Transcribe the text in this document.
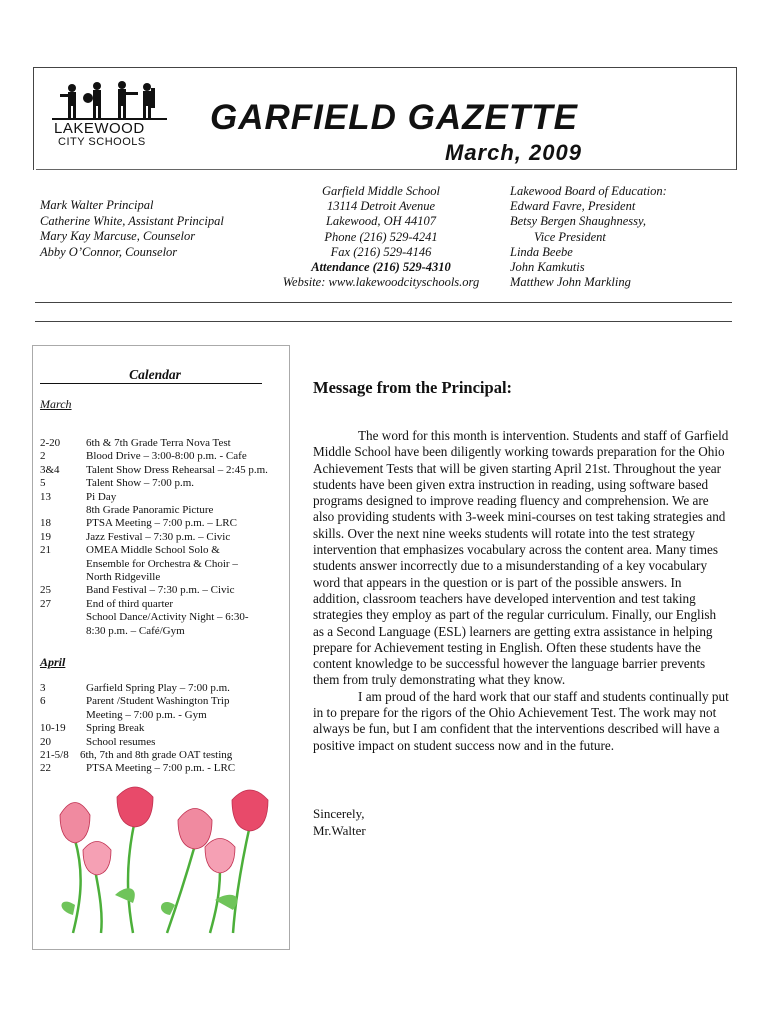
LAKEWOOD
CITY SCHOOLS
GARFIELD GAZETTE
March, 2009
Mark Walter Principal
Catherine White, Assistant Principal
Mary Kay Marcuse, Counselor
Abby O’Connor, Counselor
Garfield Middle School
13114 Detroit Avenue
Lakewood, OH 44107
Phone (216) 529-4241
Fax (216) 529-4146
Attendance (216) 529-4310
Website: www.lakewoodcityschools.org
Lakewood Board of Education:
Edward Favre, President
Betsy Bergen Shaughnessy,
Vice President
Linda Beebe
John Kamkutis
Matthew John Markling
Calendar
March
2-20	6th & 7th Grade Terra Nova Test
2	Blood Drive – 3:00-8:00 p.m. - Cafe
3&4	Talent Show Dress Rehearsal – 2:45 p.m.
5	Talent Show – 7:00 p.m.
13	Pi Day
8th Grade Panoramic Picture
18	PTSA Meeting – 7:00 p.m. – LRC
19	Jazz Festival – 7:30 p.m. – Civic
21	OMEA Middle School Solo & Ensemble for Orchestra & Choir – North Ridgeville
25	Band Festival – 7:30 p.m. – Civic
27	End of third quarter
School Dance/Activity Night – 6:30-8:30 p.m. – Café/Gym
April
3	Garfield Spring Play – 7:00 p.m.
6	Parent /Student Washington Trip Meeting – 7:00 p.m. - Gym
10-19	Spring Break
20	School resumes
21-5/8	6th, 7th and 8th grade OAT testing
22	PTSA Meeting – 7:00 p.m. - LRC
Message from the Principal:

The word for this month is intervention. Students and staff of Garfield Middle School have been diligently working towards preparation for the Ohio Achievement Tests that will be given starting April 21st. Throughout the year students have been given extra instruction in reading, using software based programs designed to improve reading fluency and comprehension. We are also providing students with 3-week mini-courses on test taking strategies and skills. Over the next nine weeks students will rotate into the test strategy intervention that emphasizes vocabulary across the content area. Many times students answer incorrectly due to a misunderstanding of a key vocabulary word that appears in the question or is part of the possible answers. In addition, classroom teachers have developed intervention and test taking strategies they employ as part of the regular curriculum. Finally, our English as a Second Language (ESL) learners are getting extra assistance in helping prepare for Achievement testing in English. Often these students have the content knowledge to be successful however the language barrier prevents them from truly demonstrating what they know.

I am proud of the hard work that our staff and students continually put in to prepare for the rigors of the Ohio Achievement Test. The work may not always be fun, but I am confident that the interventions described will have a positive impact on student success now and in the future.

Sincerely,
Mr.Walter
